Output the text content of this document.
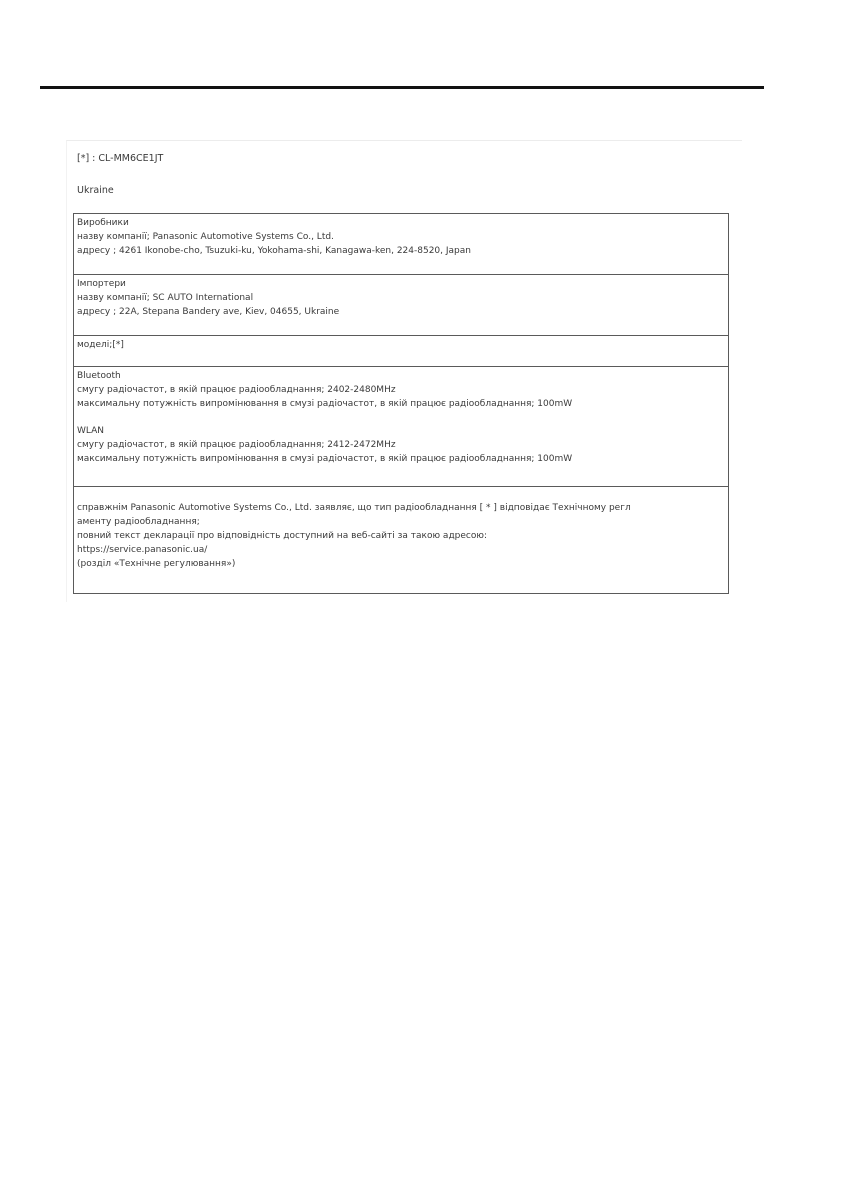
[*] : CL-MM6CE1JT
Ukraine
Виробники
назву компанії; Panasonic Automotive Systems Co., Ltd.
адресу ; 4261 Ikonobe-cho, Tsuzuki-ku, Yokohama-shi, Kanagawa-ken, 224-8520, Japan
Імпортери
назву компанії; SC AUTO International
адресу ; 22A, Stepana Bandery ave, Kiev, 04655, Ukraine
моделі;[*]
Bluetooth
смугу радіочастот, в якій працює радіообладнання; 2402-2480MHz
максимальну потужність випромінювання в смузі радіочастот, в якій працює радіообладнання; 100mW
WLAN
смугу радіочастот, в якій працює радіообладнання; 2412-2472MHz
максимальну потужність випромінювання в смузі радіочастот, в якій працює радіообладнання; 100mW
справжнім Panasonic Automotive Systems Co., Ltd. заявляє, що тип радіообладнання [ * ] відповідає Технічному регл
аменту радіообладнання;
повний текст декларації про відповідність доступний на веб-сайті за такою адресою:
https://service.panasonic.ua/
(розділ «Технічне регулювання»)
